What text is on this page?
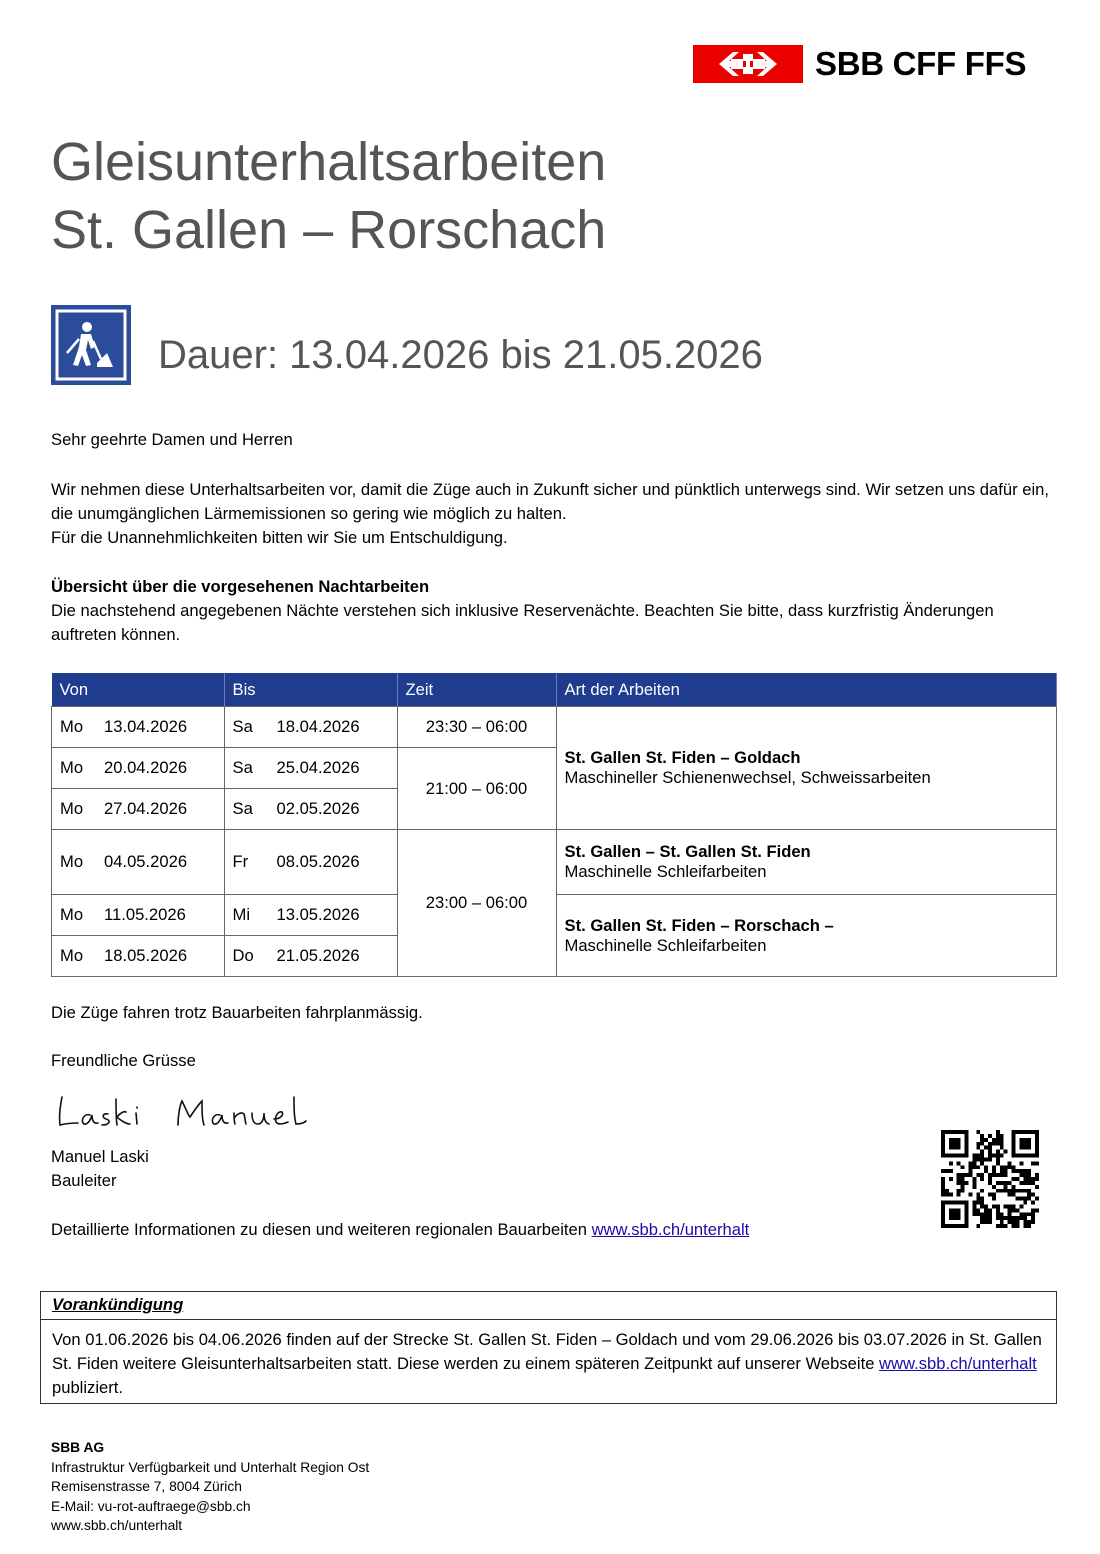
SBB CFF FFS
Gleisunterhaltsarbeiten
St. Gallen – Rorschach
Dauer: 13.04.2026 bis 21.05.2026
Sehr geehrte Damen und Herren
Wir nehmen diese Unterhaltsarbeiten vor, damit die Züge auch in Zukunft sicher und pünktlich unterwegs sind. Wir setzen uns dafür ein, die unumgänglichen Lärmemissionen so gering wie möglich zu halten.
Für die Unannehmlichkeiten bitten wir Sie um Entschuldigung.
Übersicht über die vorgesehenen Nachtarbeiten
Die nachstehend angegebenen Nächte verstehen sich inklusive Reservenächte. Beachten Sie bitte, dass kurzfristig Änderungen auftreten können.
Von	Bis	Zeit	Art der Arbeiten
Mo 13.04.2026	Sa 18.04.2026	23:30 – 06:00	St. Gallen St. Fiden – Goldach
Maschineller Schienenwechsel, Schweissarbeiten

Mo 20.04.2026	Sa 25.04.2026	21:00 – 06:00	
Mo 27.04.2026	Sa 02.05.2026		
Mo 04.05.2026	Fr 08.05.2026	23:00 – 06:00	St. Gallen – St. Gallen St. Fiden
Maschinelle Schleifarbeiten

Mo 11.05.2026	Mi 13.05.2026		St. Gallen St. Fiden – Rorschach –
Maschinelle Schleifarbeiten

Mo 18.05.2026	Do 21.05.2026		
Die Züge fahren trotz Bauarbeiten fahrplanmässig.
Freundliche Grüsse
Manuel Laski
Bauleiter
Detaillierte Informationen zu diesen und weiteren regionalen Bauarbeiten www.sbb.ch/unterhalt
Vorankündigung
Von 01.06.2026 bis 04.06.2026 finden auf der Strecke St. Gallen St. Fiden – Goldach und vom 29.06.2026 bis 03.07.2026 in St. Gallen St. Fiden weitere Gleisunterhaltsarbeiten statt. Diese werden zu einem späteren Zeitpunkt auf unserer Webseite www.sbb.ch/unterhalt publiziert.
SBB AG
Infrastruktur Verfügbarkeit und Unterhalt Region Ost
Remisenstrasse 7, 8004 Zürich
E-Mail: vu-rot-auftraege@sbb.ch
www.sbb.ch/unterhalt
